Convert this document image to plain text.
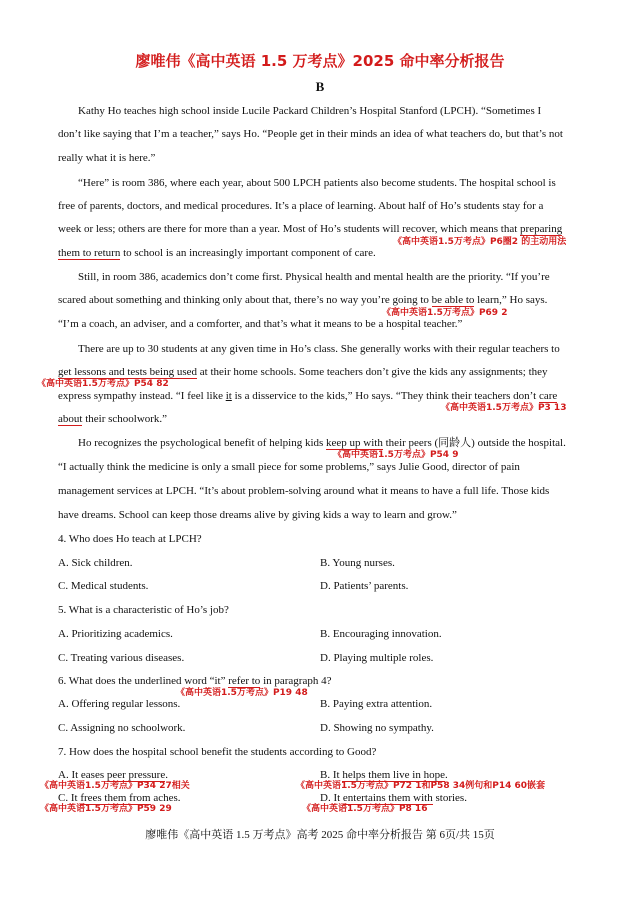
廖唯伟《高中英语 1.5 万考点》2025 命中率分析报告
B
Kathy Ho teaches high school inside Lucile Packard Children’s Hospital Stanford (LPCH). “Sometimes I
don’t like saying that I’m a teacher,” says Ho. “People get in their minds an idea of what teachers do, but that’s not
really what it is here.”
“Here” is room 386, where each year, about 500 LPCH patients also become students. The hospital school is
free of parents, doctors, and medical procedures. It’s a place of learning. About half of Ho’s students stay for a
week or less; others are there for more than a year. Most of Ho’s students will recover, which means that preparing
《高中英语1.5万考点》P6圈2 的主动用法
them to return to school is an increasingly important component of care.
Still, in room 386, academics don’t come first. Physical health and mental health are the priority. “If you’re
scared about something and thinking only about that, there’s no way you’re going to be able to learn,” Ho says.
《高中英语1.5万考点》P69 2
“I’m a coach, an adviser, and a comforter, and that’s what it means to be a hospital teacher.”
There are up to 30 students at any given time in Ho’s class. She generally works with their regular teachers to
get lessons and tests being used at their home schools. Some teachers don’t give the kids any assignments; they
《高中英语1.5万考点》P54 82
express sympathy instead. “I feel like it is a disservice to the kids,” Ho says. “They think their teachers don’t care
《高中英语1.5万考点》P3 13
about their schoolwork.”
Ho recognizes the psychological benefit of helping kids keep up with their peers (同龄人) outside the hospital.
《高中英语1.5万考点》P54 9
“I actually think the medicine is only a small piece for some problems,” says Julie Good, director of pain
management services at LPCH. “It’s about problem-solving around what it means to have a full life. Those kids
have dreams. School can keep those dreams alive by giving kids a way to learn and grow.”
4. Who does Ho teach at LPCH?
A. Sick children.	B. Young nurses.
C. Medical students.	D. Patients’ parents.
5. What is a characteristic of Ho’s job?
A. Prioritizing academics.	B. Encouraging innovation.
C. Treating various diseases.	D. Playing multiple roles.
6. What does the underlined word “it” refer to in paragraph 4?
《高中英语1.5万考点》P19 48
A. Offering regular lessons.	B. Paying extra attention.
C. Assigning no schoolwork.	D. Showing no sympathy.
7. How does the hospital school benefit the students according to Good?
A. It eases peer pressure.	B. It helps them live in hope.
《高中英语1.5万考点》P34 27相关	《高中英语1.5万考点》P72 1和P58 34例句和P14 60嵌套
C. It frees them from aches.	D. It entertains them with stories.
《高中英语1.5万考点》P59 29	《高中英语1.5万考点》P8 16
廖唯伟《高中英语 1.5 万考点》高考 2025 命中率分析报告 第 6页/共 15页
